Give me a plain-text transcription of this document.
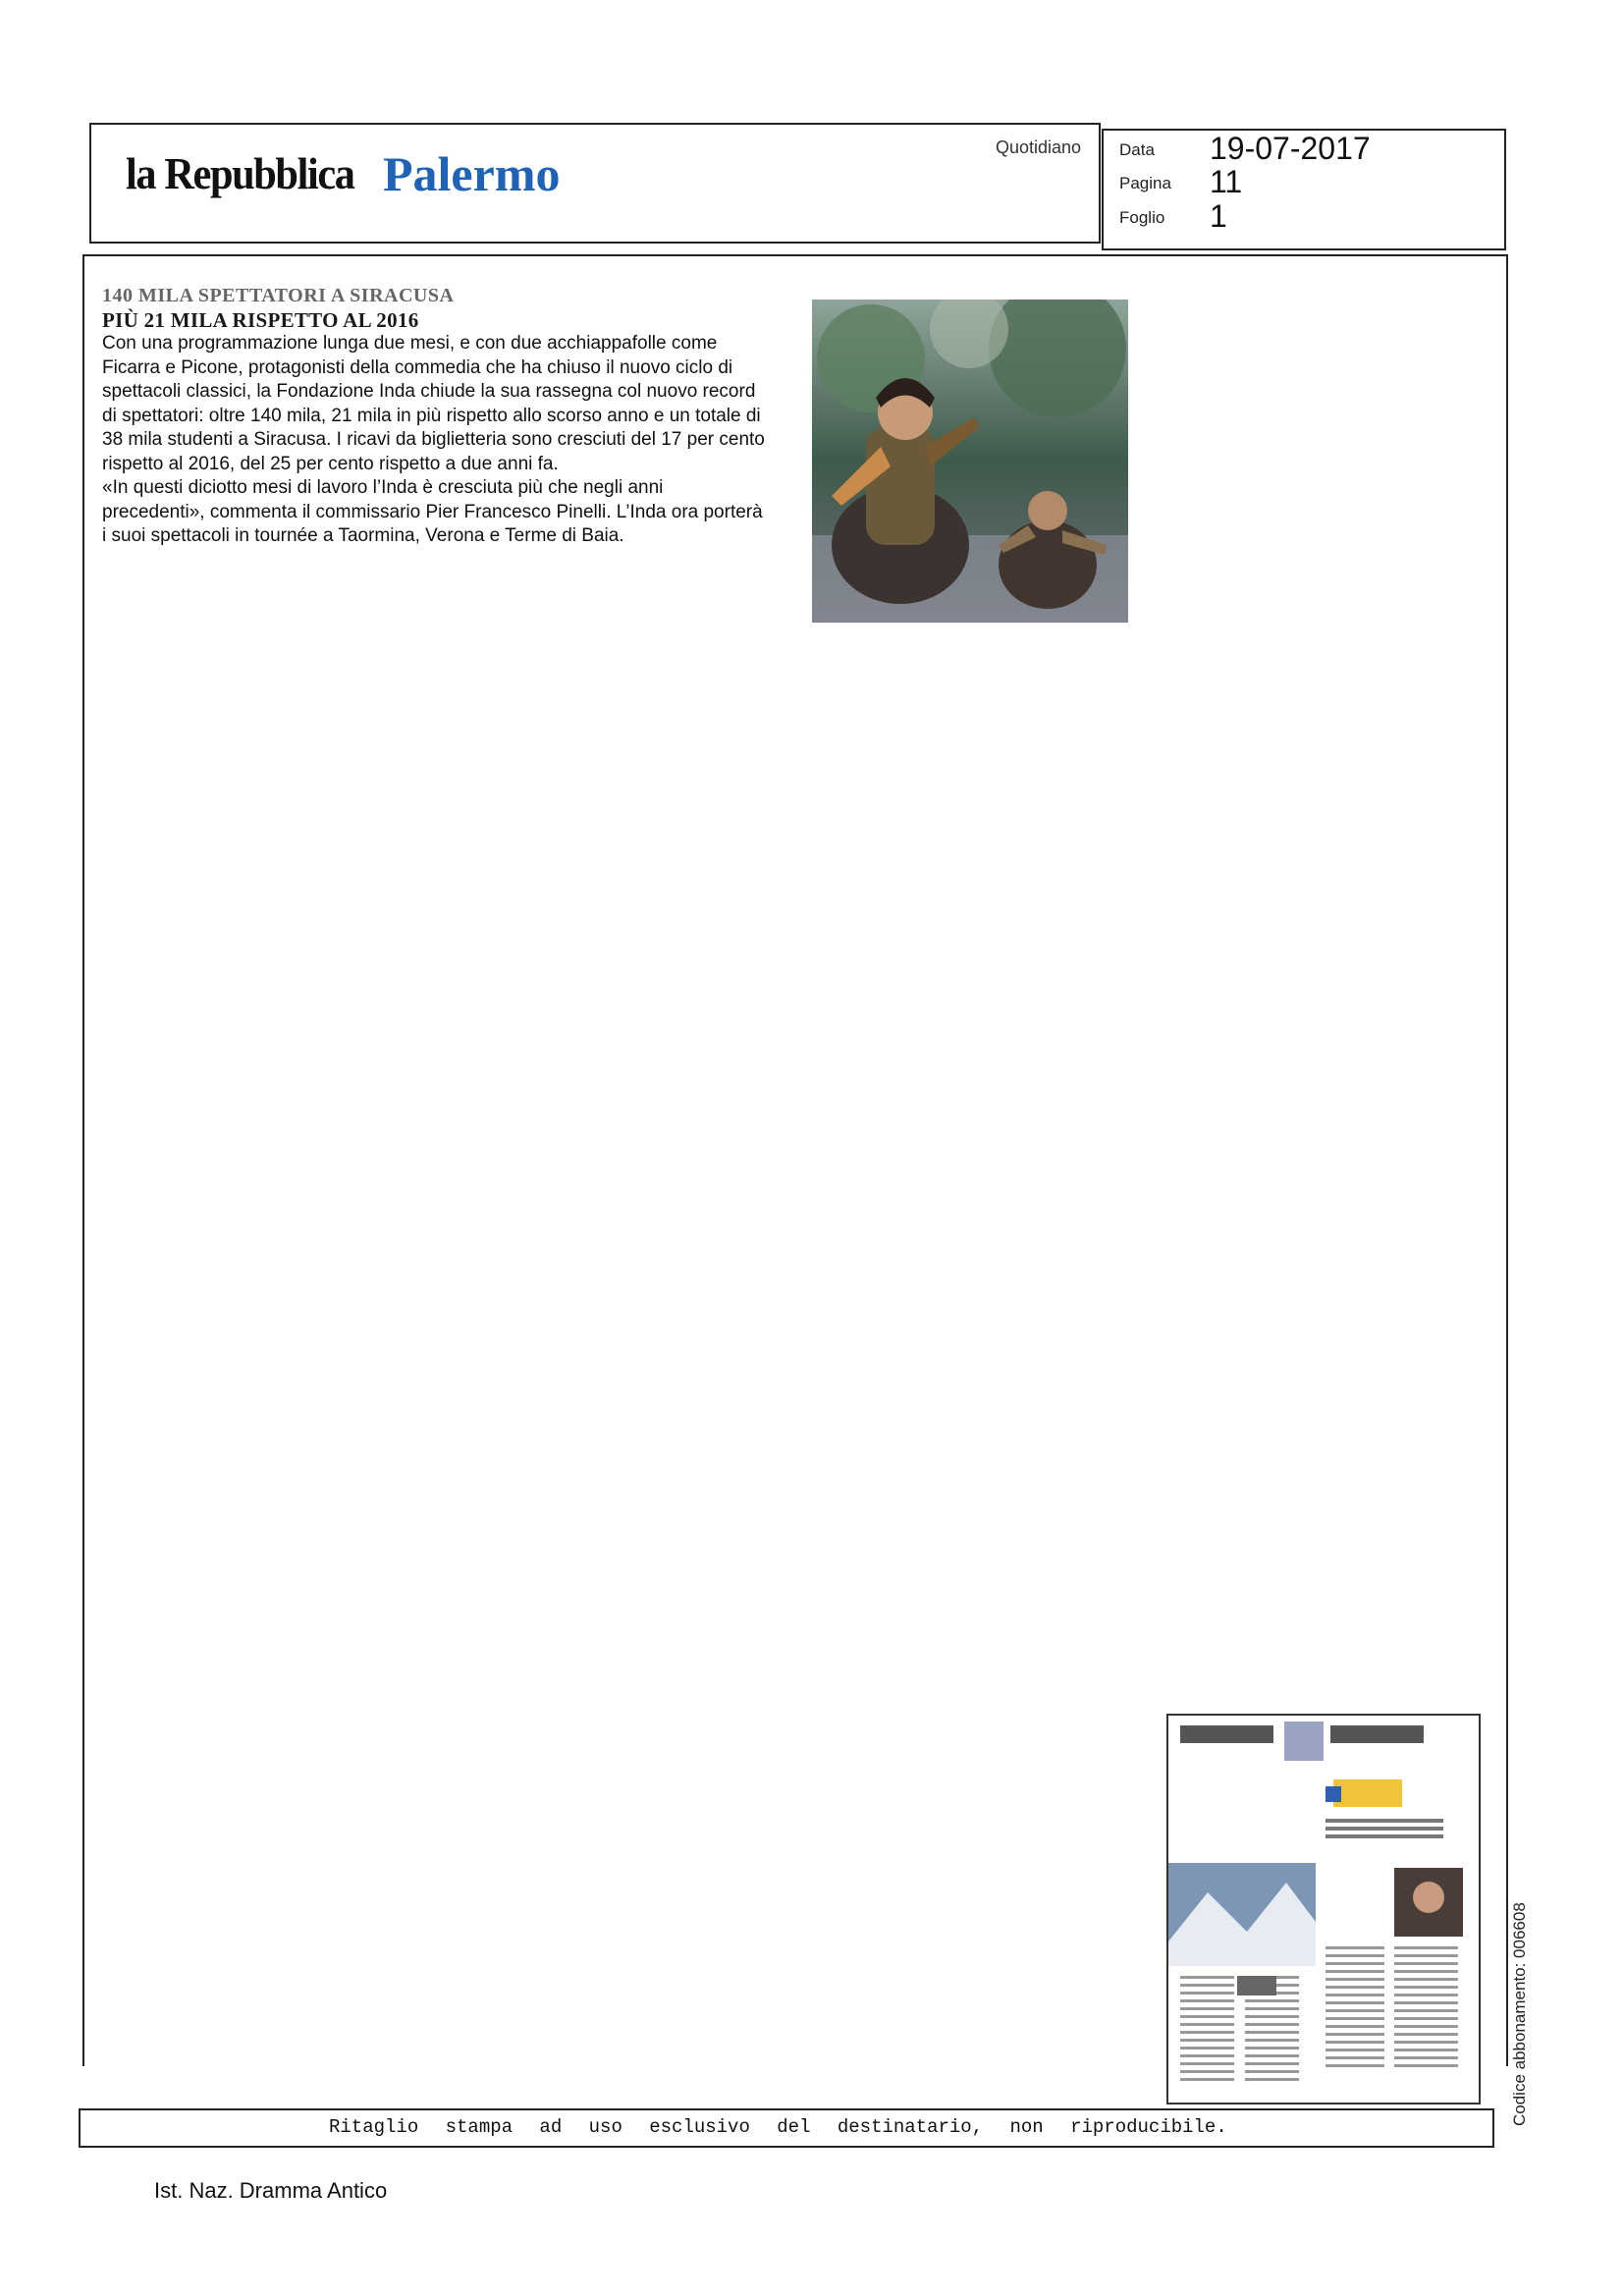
la Repubblica Palermo	Quotidiano Data 19-07-2017
Pagina 11
Foglio 1
140 MILA SPETTATORI A SIRACUSA
PIÙ 21 MILA RISPETTO AL 2016

Con una programmazione lunga due mesi, e con due acchiappafolle come Ficarra e Picone, protagonisti della commedia che ha chiuso il nuovo ciclo di spettacoli classici, la Fondazione Inda chiude la sua rassegna col nuovo record di spettatori: oltre 140 mila, 21 mila in più rispetto allo scorso anno e un totale di 38 mila studenti a Siracusa. I ricavi da biglietteria sono cresciuti del 17 per cento rispetto al 2016, del 25 per cento rispetto a due anni fa.

«In questi diciotto mesi di lavoro l’Inda è cresciuta più che negli anni precedenti», commenta il commissario Pier Francesco Pinelli. L’Inda ora porterà i suoi spettacoli in tournée a Taormina, Verona e Terme di Baia.

Ritaglio stampa ad uso esclusivo del destinatario, non riproducibile.
Codice abbonamento: 006608
Ist. Naz. Dramma Antico
